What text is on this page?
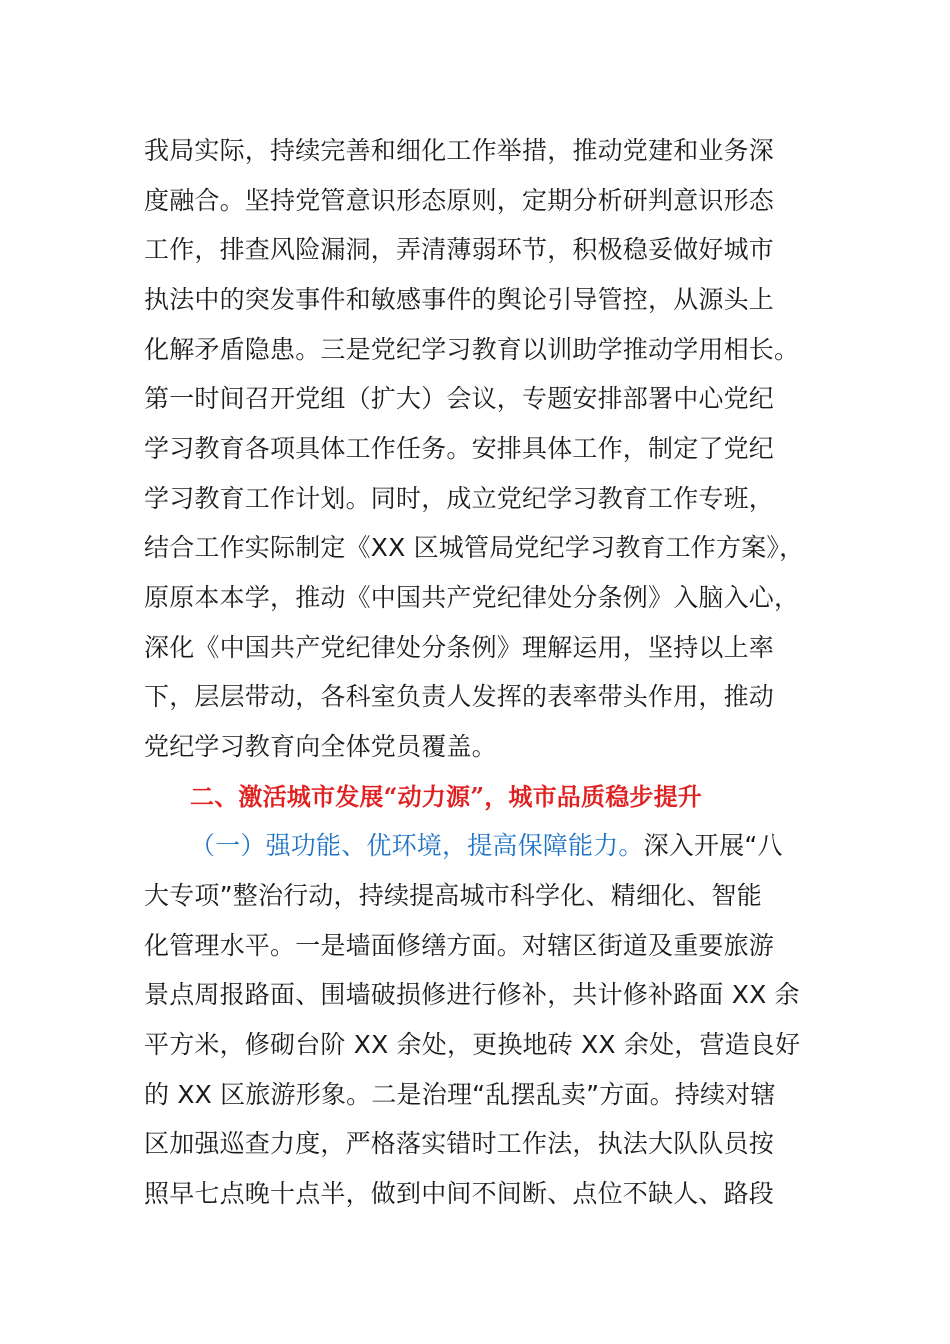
我局实际，持续完善和细化工作举措，推动党建和业务深
度融合。坚持党管意识形态原则，定期分析研判意识形态
工作，排查风险漏洞，弄清薄弱环节，积极稳妥做好城市
执法中的突发事件和敏感事件的舆论引导管控，从源头上
化解矛盾隐患。三是党纪学习教育以训助学推动学用相长。
第一时间召开党组（扩大）会议，专题安排部署中心党纪
学习教育各项具体工作任务。安排具体工作，制定了党纪
学习教育工作计划。同时，成立党纪学习教育工作专班，
结合工作实际制定《XX 区城管局党纪学习教育工作方案》，
原原本本学，推动《中国共产党纪律处分条例》入脑入心，
深化《中国共产党纪律处分条例》理解运用，坚持以上率
下，层层带动，各科室负责人发挥的表率带头作用，推动
党纪学习教育向全体党员覆盖。
二、激活城市发展“动力源”，城市品质稳步提升
（一）强功能、优环境，提高保障能力。深入开展“八
大专项”整治行动，持续提高城市科学化、精细化、智能
化管理水平。一是墙面修缮方面。对辖区街道及重要旅游
景点周报路面、围墙破损修进行修补，共计修补路面 XX 余
平方米，修砌台阶 XX 余处，更换地砖 XX 余处，营造良好
的 XX 区旅游形象。二是治理“乱摆乱卖”方面。持续对辖
区加强巡查力度，严格落实错时工作法，执法大队队员按
照早七点晚十点半，做到中间不间断、点位不缺人、路段
